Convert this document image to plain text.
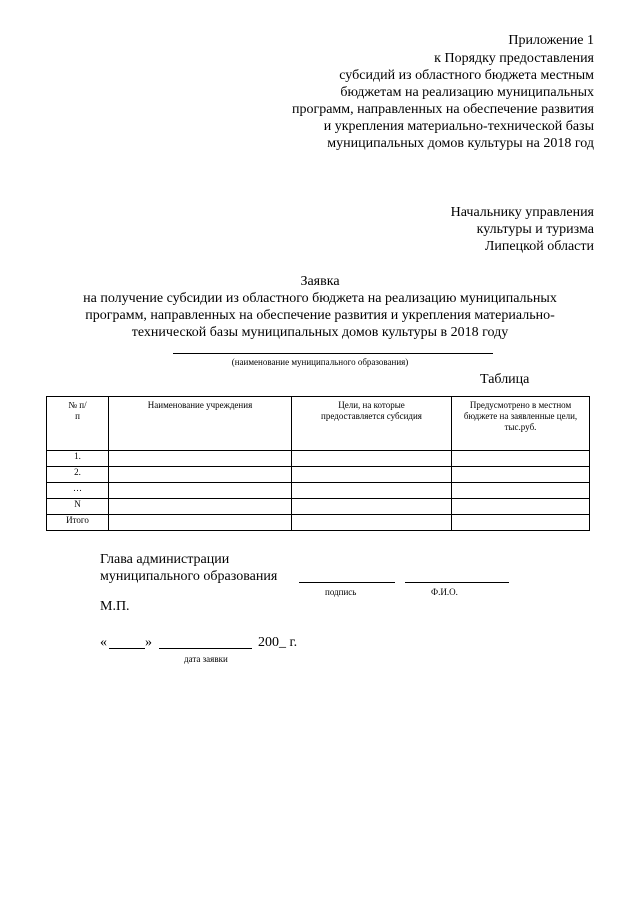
Приложение 1
к Порядку предоставления
субсидий из областного бюджета местным
бюджетам на реализацию муниципальных
программ, направленных на обеспечение развития
и укрепления материально-технической базы
муниципальных домов культуры на 2018 год
Начальнику управления
культуры и туризма
Липецкой области
Заявка
на получение субсидии из областного бюджета на реализацию муниципальных
программ, направленных на обеспечение развития и укрепления материально-
технической базы муниципальных домов культуры в 2018 году
(наименование муниципального образования)
Таблица
№ п/п	Наименование учреждения	Цели, на которые предоставляется субсидия	Предусмотрено в местном бюджете на заявленные цели, тыс.руб.
1.			
2.			
…			
N			
Итого			
Глава администрации
муниципального образования
подпись	Ф.И.О.
М.П.
«	»	200_ г.
дата заявки
